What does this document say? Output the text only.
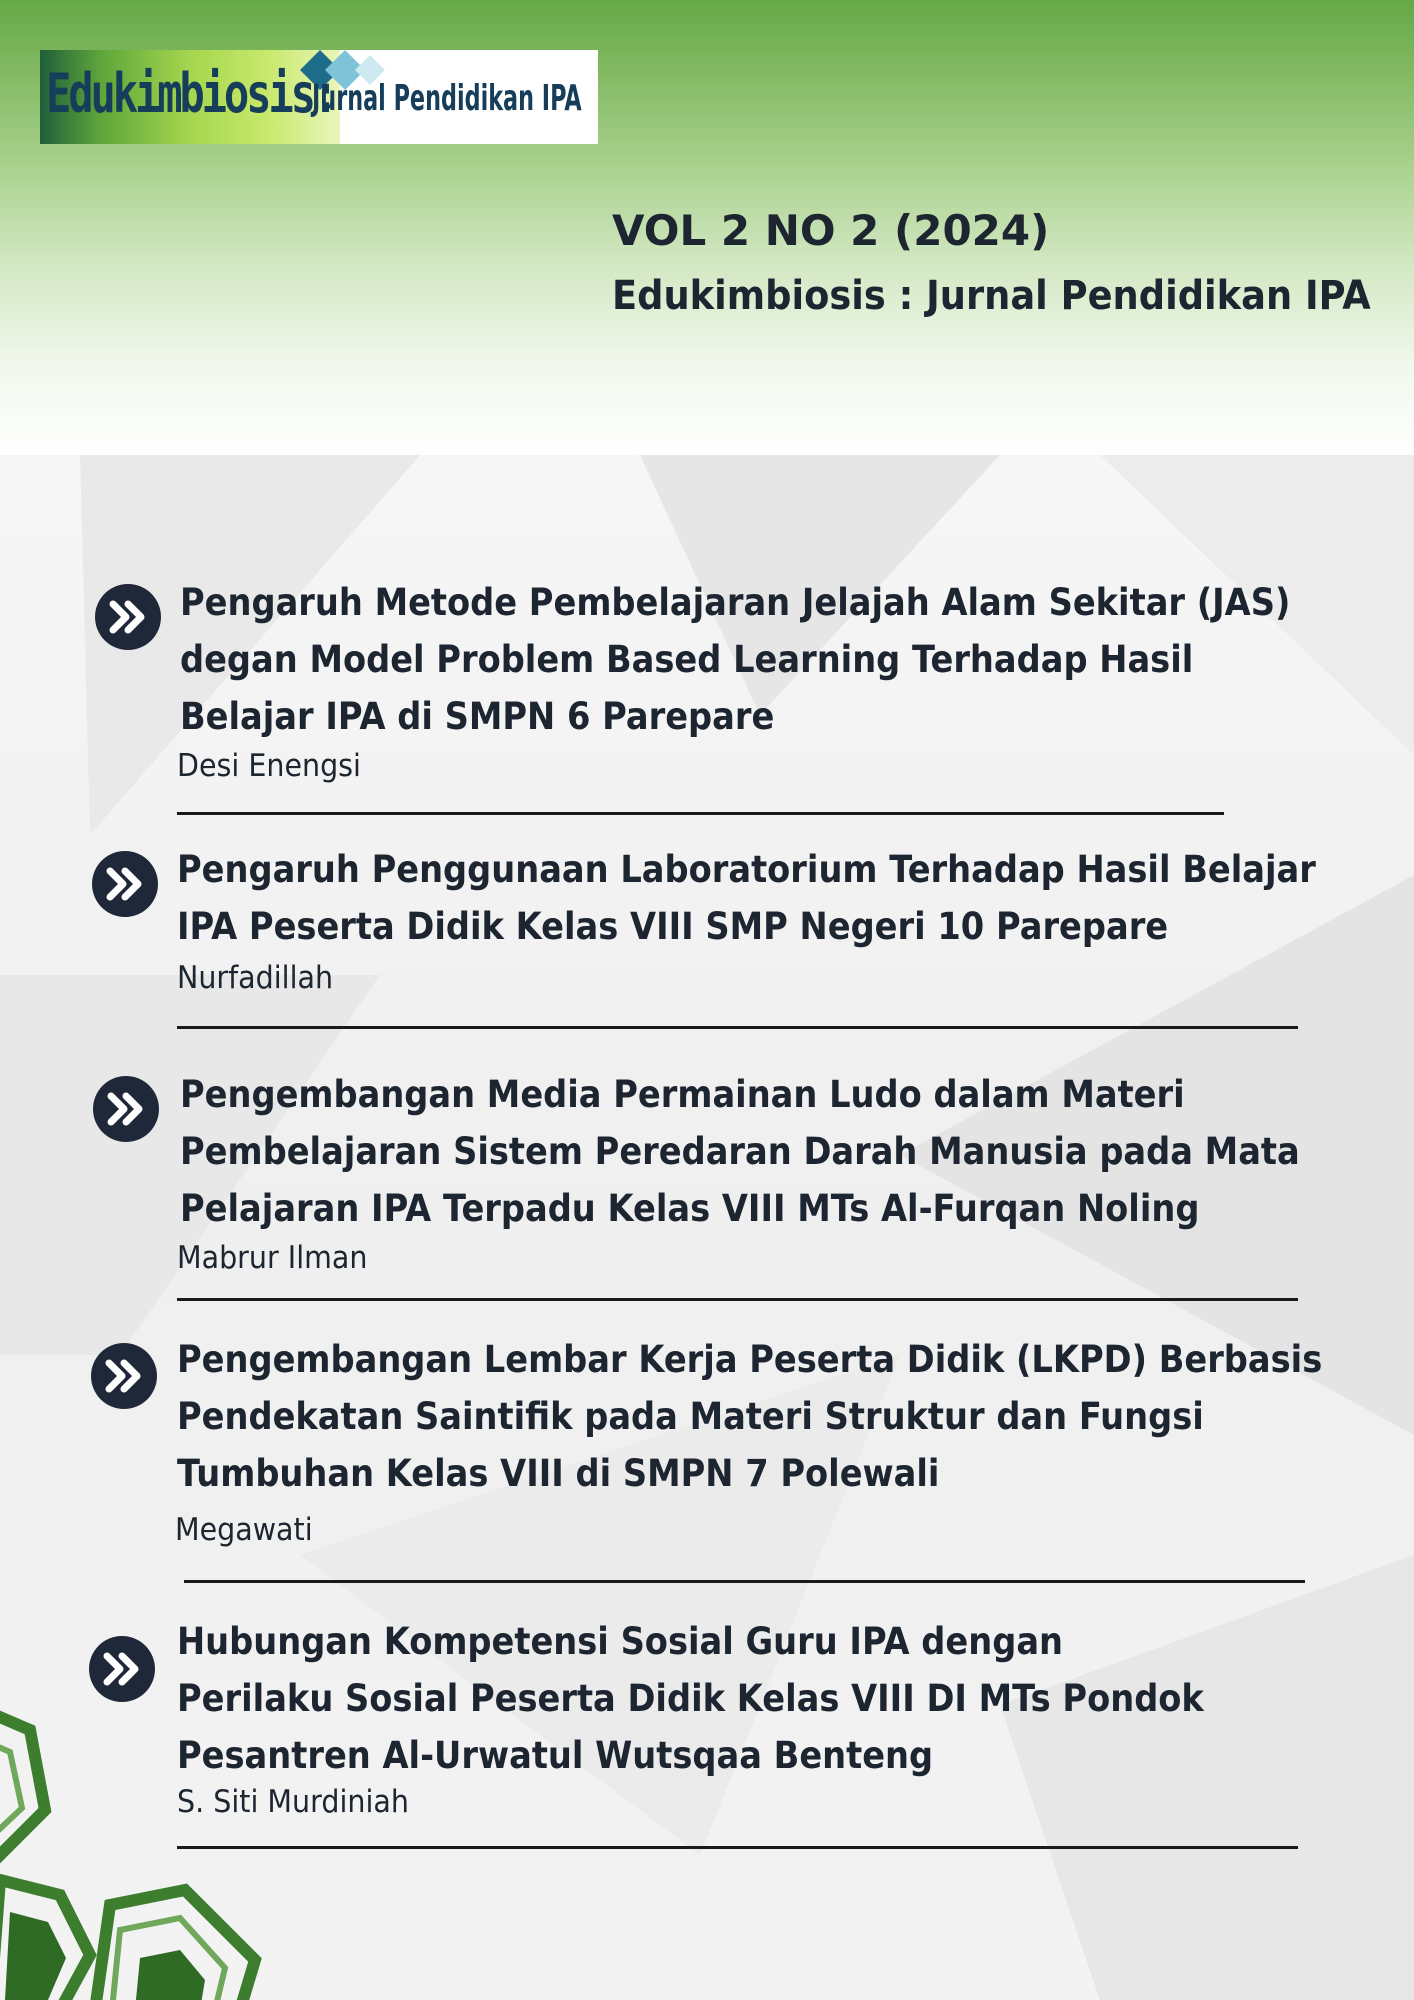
Edukimbiosis:
Jurnal Pendidikan IPA
VOL 2 NO 2 (2024)
Edukimbiosis : Jurnal Pendidikan IPA
Pengaruh Metode Pembelajaran Jelajah Alam Sekitar (JAS)
degan Model Problem Based Learning Terhadap Hasil
Belajar IPA di SMPN 6 Parepare
Desi Enengsi
Pengaruh Penggunaan Laboratorium Terhadap Hasil Belajar
IPA Peserta Didik Kelas VIII SMP Negeri 10 Parepare
Nurfadillah
Pengembangan Media Permainan Ludo dalam Materi
Pembelajaran Sistem Peredaran Darah Manusia pada Mata
Pelajaran IPA Terpadu Kelas VIII MTs Al-Furqan Noling
Mabrur Ilman
Pengembangan Lembar Kerja Peserta Didik (LKPD) Berbasis
Pendekatan Saintifik pada Materi Struktur dan Fungsi
Tumbuhan Kelas VIII di SMPN 7 Polewali
Megawati
Hubungan Kompetensi Sosial Guru IPA dengan
Perilaku Sosial Peserta Didik Kelas VIII DI MTs Pondok
Pesantren Al-Urwatul Wutsqaa Benteng
S. Siti Murdiniah
